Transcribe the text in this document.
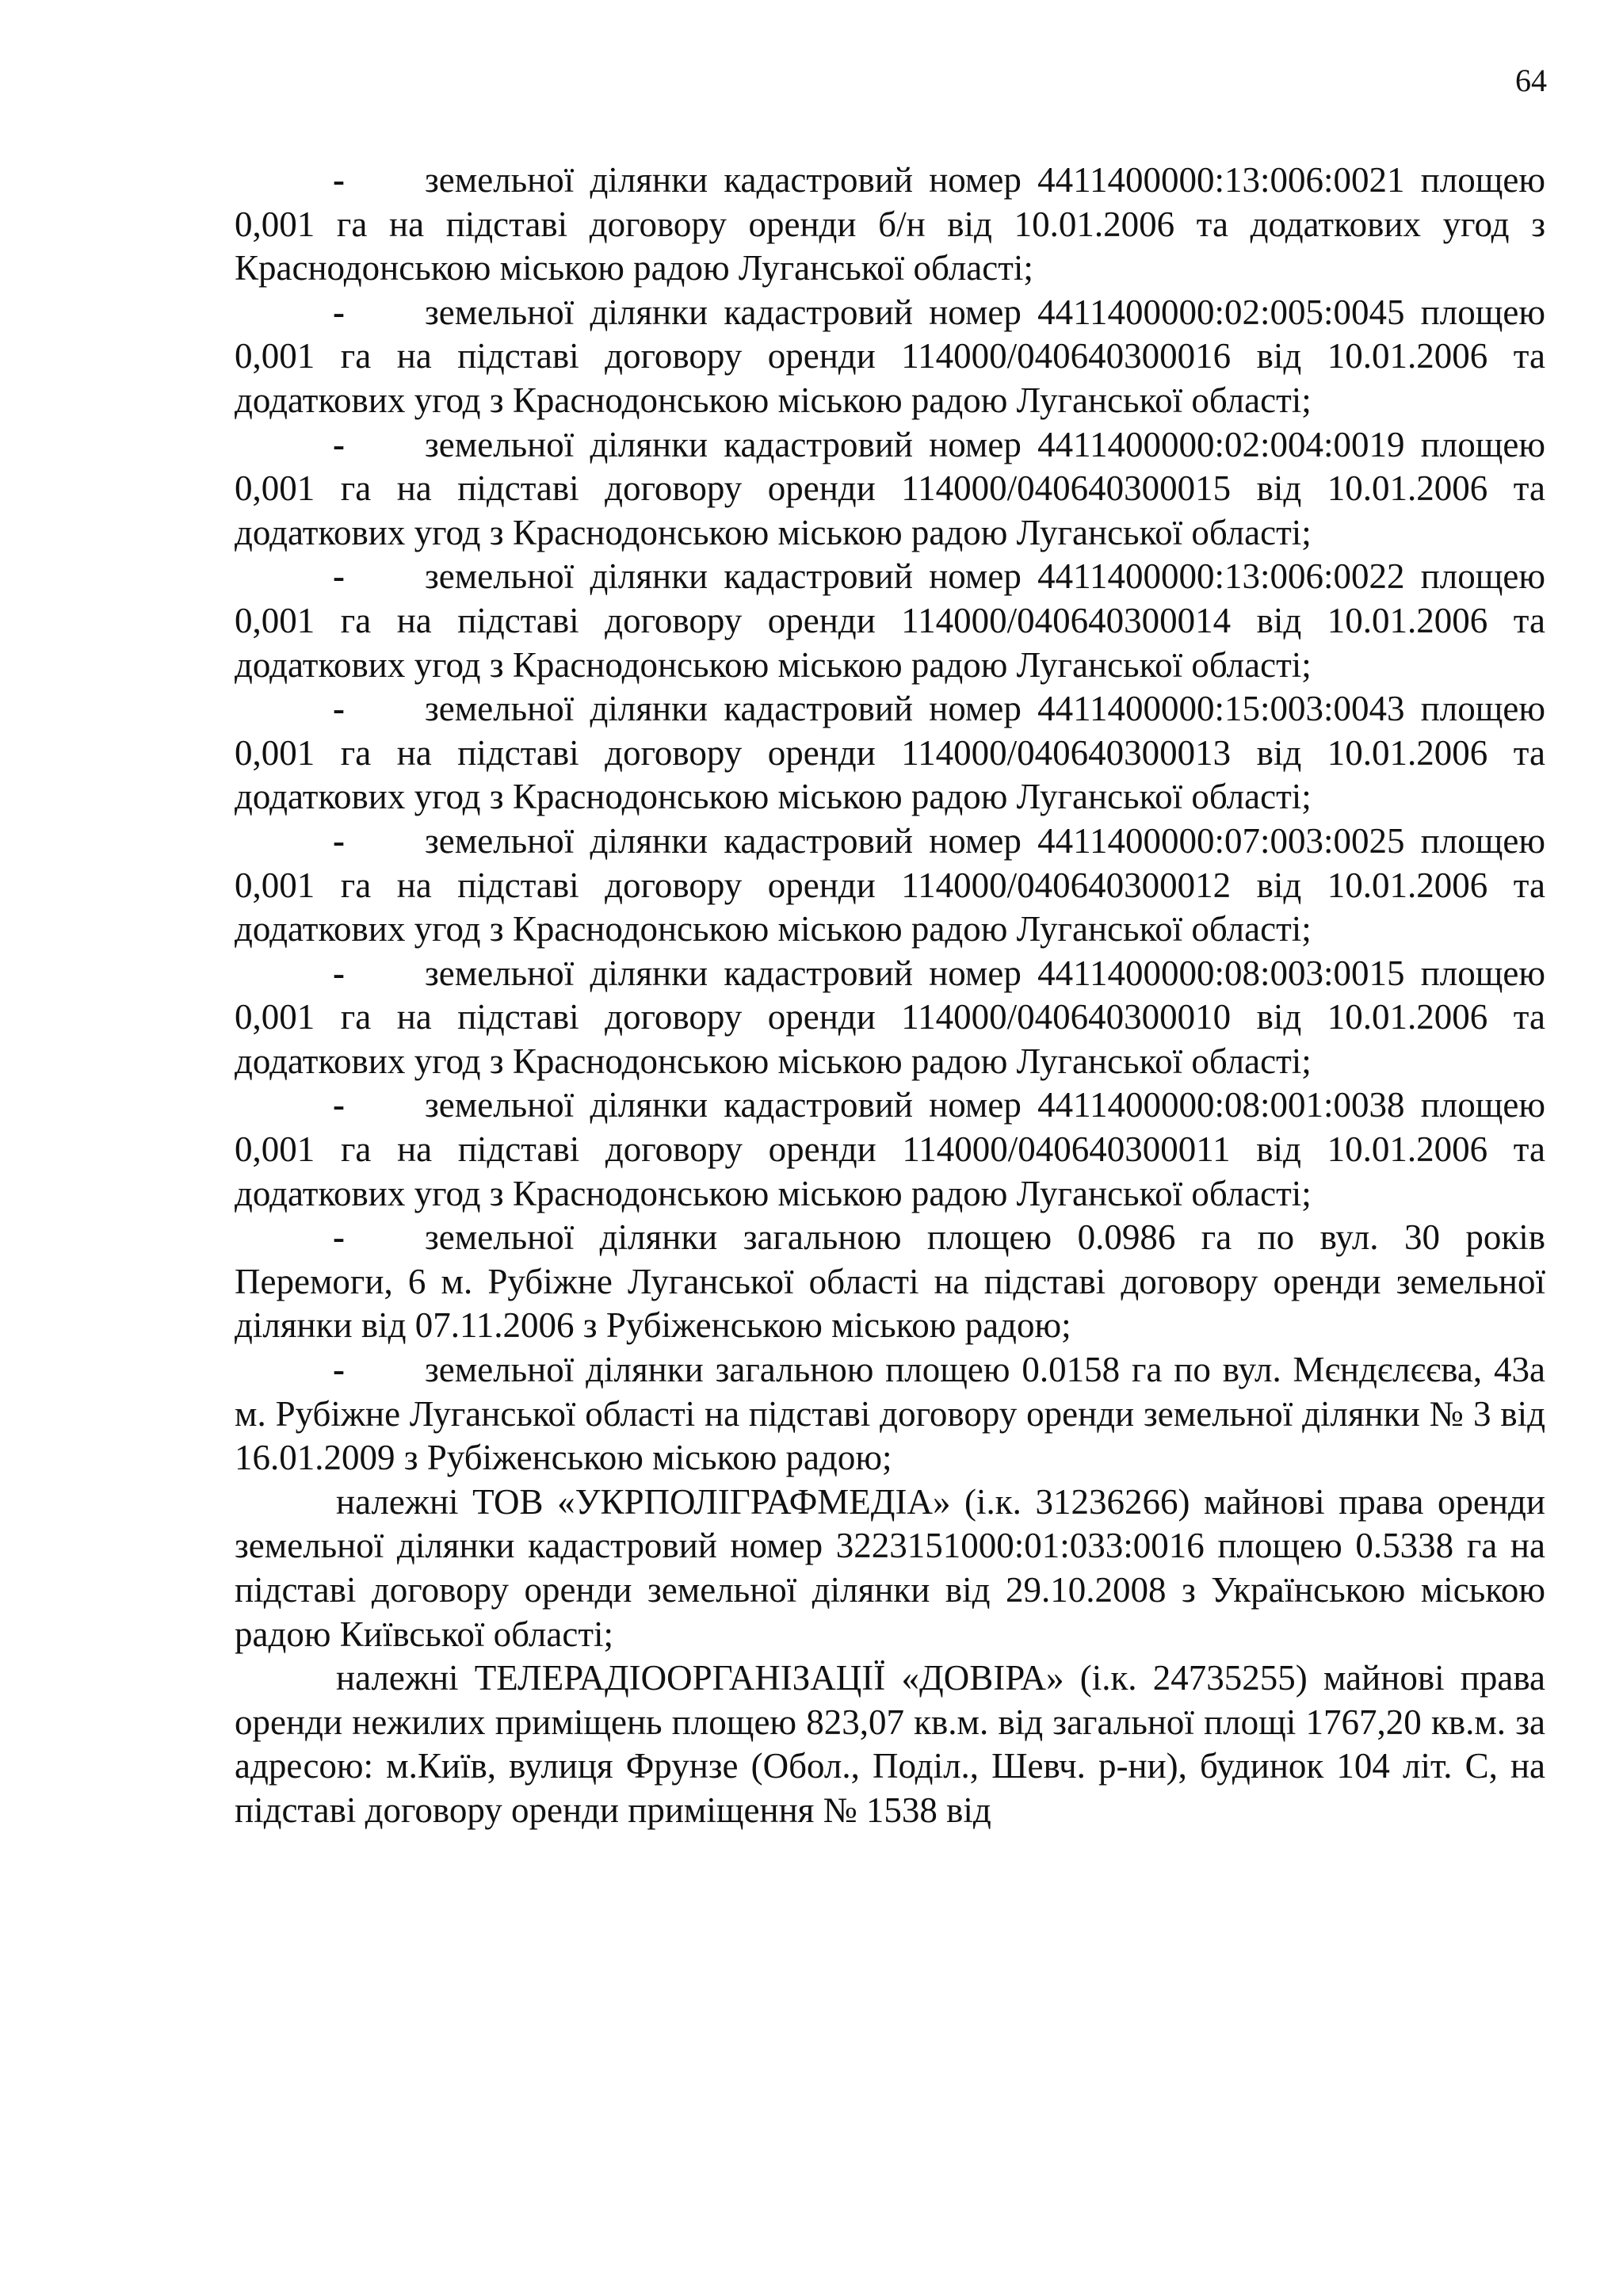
64

- земельної ділянки кадастровий номер 4411400000:13:006:0021 площею 0,001 га на підставі договору оренди б/н від 10.01.2006 та додаткових угод з Краснодонською міською радою Луганської області;

- земельної ділянки кадастровий номер 4411400000:02:005:0045 площею 0,001 га на підставі договору оренди 114000/040640300016 від 10.01.2006 та додаткових угод з Краснодонською міською радою Луганської області;

- земельної ділянки кадастровий номер 4411400000:02:004:0019 площею 0,001 га на підставі договору оренди 114000/040640300015 від 10.01.2006 та додаткових угод з Краснодонською міською радою Луганської області;

- земельної ділянки кадастровий номер 4411400000:13:006:0022 площею 0,001 га на підставі договору оренди 114000/040640300014 від 10.01.2006 та додаткових угод з Краснодонською міською радою Луганської області;

- земельної ділянки кадастровий номер 4411400000:15:003:0043 площею 0,001 га на підставі договору оренди 114000/040640300013 від 10.01.2006 та додаткових угод з Краснодонською міською радою Луганської області;

- земельної ділянки кадастровий номер 4411400000:07:003:0025 площею 0,001 га на підставі договору оренди 114000/040640300012 від 10.01.2006 та додаткових угод з Краснодонською міською радою Луганської області;

- земельної ділянки кадастровий номер 4411400000:08:003:0015 площею 0,001 га на підставі договору оренди 114000/040640300010 від 10.01.2006 та додаткових угод з Краснодонською міською радою Луганської області;

- земельної ділянки кадастровий номер 4411400000:08:001:0038 площею 0,001 га на підставі договору оренди 114000/040640300011 від 10.01.2006 та додаткових угод з Краснодонською міською радою Луганської області;

- земельної ділянки загальною площею 0.0986 га по вул. 30 років Перемоги, 6 м. Рубіжне Луганської області на підставі договору оренди земельної ділянки від 07.11.2006 з Рубіженською міською радою;

- земельної ділянки загальною площею 0.0158 га по вул. Мєндєлєєва, 43а м. Рубіжне Луганської області на підставі договору оренди земельної ділянки № 3 від 16.01.2009 з Рубіженською міською радою;

належні ТОВ «УКРПОЛІГРАФМЕДІА» (і.к. 31236266) майнові права оренди земельної ділянки кадастровий номер 3223151000:01:033:0016 площею 0.5338 га на підставі договору оренди земельної ділянки від 29.10.2008 з Українською міською радою Київської області;

належні ТЕЛЕРАДІООРГАНІЗАЦІЇ «ДОВІРА» (і.к. 24735255) майнові права оренди нежилих приміщень площею 823,07 кв.м. від загальної площі 1767,20 кв.м. за адресою: м.Київ, вулиця Фрунзе (Обол., Поділ., Шевч. р-ни), будинок 104 літ. С, на підставі договору оренди приміщення № 1538 від
